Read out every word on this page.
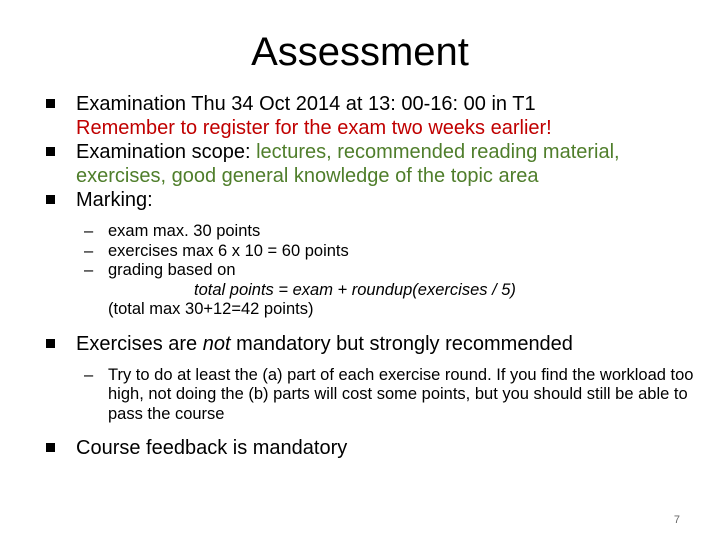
Assessment
Examination Thu 34 Oct 2014 at 13: 00-16: 00 in T1
Remember to register for the exam two weeks earlier!
Examination scope: lectures, recommended reading material, exercises, good general knowledge of the topic area
Marking:
– exam max. 30 points
– exercises max 6 x 10 = 60 points
– grading based on
total points = exam + roundup(exercises / 5)
(total max 30+12=42 points)
Exercises are not mandatory but strongly recommended
– Try to do at least the (a) part of each exercise round. If you find the workload too high, not doing the (b) parts will cost some points, but you should still be able to pass the course
Course feedback is mandatory
7
